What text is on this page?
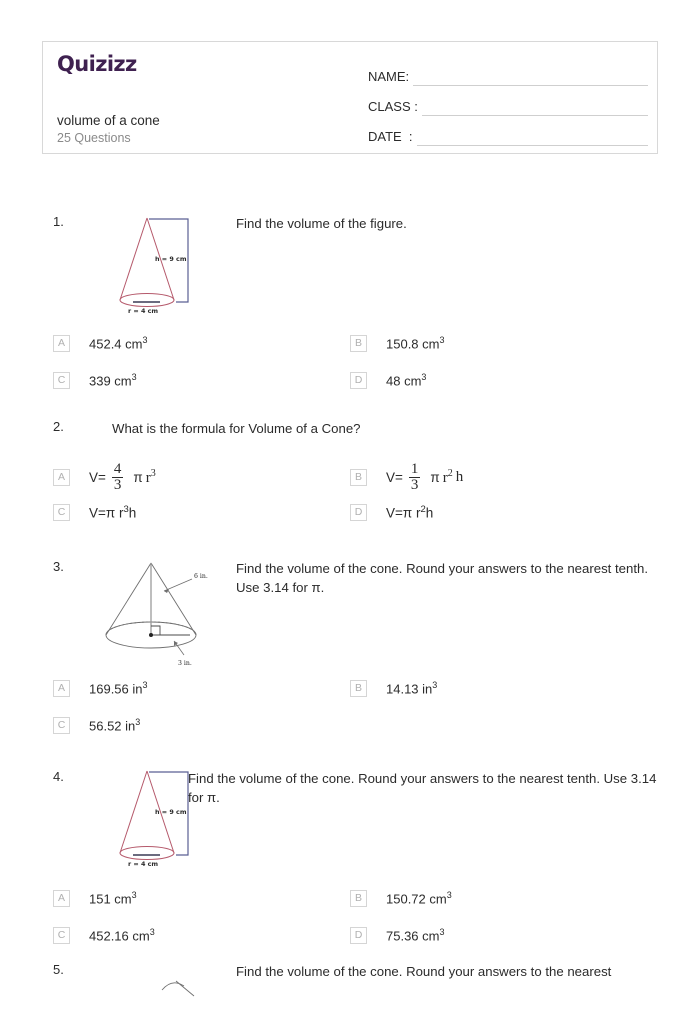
Quizizz
volume of a cone
25 Questions
NAME:
CLASS :
DATE  :
1.	Find the volume of the figure.
h = 9 cm
r = 4 cm
A	452.4 $cm^3$	B	150.8 $cm^3$
C	339 $cm^3$	D	48 $cm^3$
2.	What is the formula for Volume of a Cone?
A	$V= \frac{4}{3}$ π $r^3$	B	$V= \frac{1}{3}$ π $r^2$ h
C	V=π $r^3h$	D	V=π $r^2h$
3.	Find the volume of the cone. Round your answers to the nearest tenth. Use 3.14 for π.
6 in.
3 in.
A	169.56 $in^3$	B	14.13 $in^3$
C	56.52 $in^3$
4.	Find the volume of the cone. Round your answers to the nearest tenth. Use 3.14 for π.
h = 9 cm
r = 4 cm
A	151 $cm^3$	B	150.72 $cm^3$
C	452.16 $cm^3$	D	75.36 $cm^3$
5.	Find the volume of the cone. Round your answers to the nearest
